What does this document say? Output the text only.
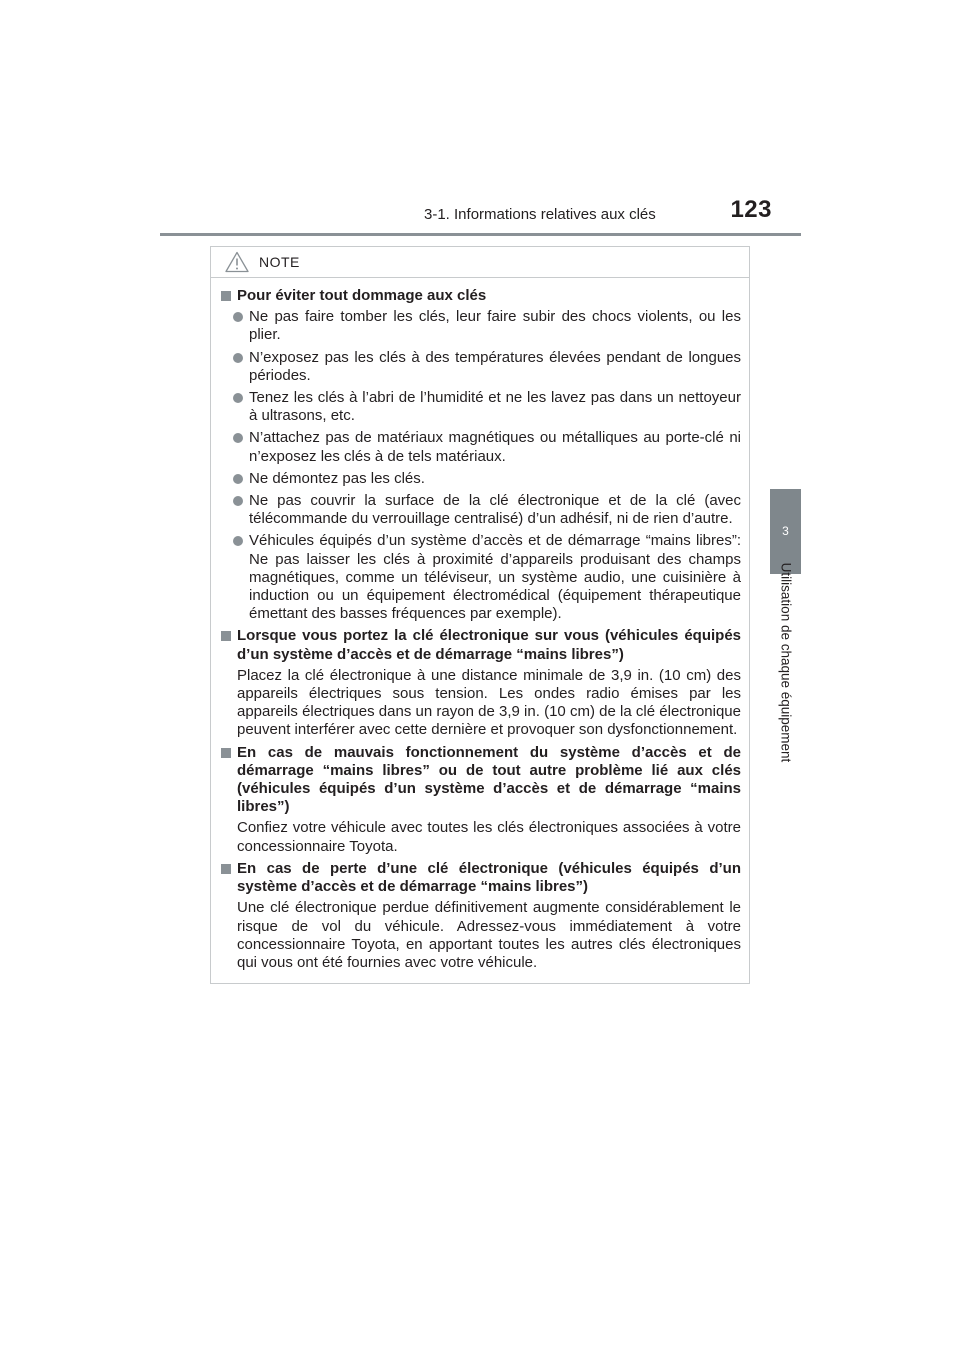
3-1. Informations relatives aux clés	123
3
Utilisation de chaque équipement
NOTE
Pour éviter tout dommage aux clés
Ne pas faire tomber les clés, leur faire subir des chocs violents, ou les plier.
N’exposez pas les clés à des températures élevées pendant de longues périodes.
Tenez les clés à l’abri de l’humidité et ne les lavez pas dans un nettoyeur à ultrasons, etc.
N’attachez pas de matériaux magnétiques ou métalliques au porte-clé ni n’exposez les clés à de tels matériaux.
Ne démontez pas les clés.
Ne pas couvrir la surface de la clé électronique et de la clé (avec télécommande du verrouillage centralisé) d’un adhésif, ni de rien d’autre.
Véhicules équipés d’un système d’accès et de démarrage “mains libres”: Ne pas laisser les clés à proximité d’appareils produisant des champs magnétiques, comme un téléviseur, un système audio, une cuisinière à induction ou un équipement électromédical (équipement thérapeutique émettant des basses fréquences par exemple).
Lorsque vous portez la clé électronique sur vous (véhicules équipés d’un système d’accès et de démarrage “mains libres”)
Placez la clé électronique à une distance minimale de 3,9 in. (10 cm) des appareils électriques sous tension. Les ondes radio émises par les appareils électriques dans un rayon de 3,9 in. (10 cm) de la clé électronique peuvent interférer avec cette dernière et provoquer son dysfonctionnement.
En cas de mauvais fonctionnement du système d’accès et de démarrage “mains libres” ou de tout autre problème lié aux clés (véhicules équipés d’un système d’accès et de démarrage “mains libres”)
Confiez votre véhicule avec toutes les clés électroniques associées à votre concessionnaire Toyota.
En cas de perte d’une clé électronique (véhicules équipés d’un système d’accès et de démarrage “mains libres”)
Une clé électronique perdue définitivement augmente considérablement le risque de vol du véhicule. Adressez-vous immédiatement à votre concessionnaire Toyota, en apportant toutes les autres clés électroniques qui vous ont été fournies avec votre véhicule.
